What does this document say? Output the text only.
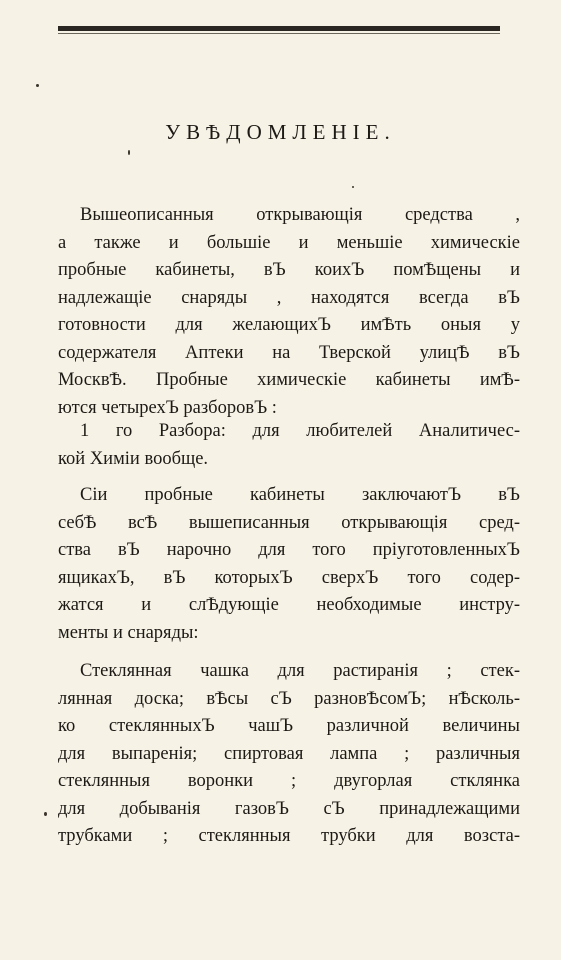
УВѢДОМЛЕНІЕ.
Вышеописанныя открывающія средства ,
а также и большіе и меньшіе химическіе
пробные кабинеты, вЪ коихЪ помѢщены и
надлежащіе снаряды , находятся всегда вЪ
готовности для желающихЪ имѢть оныя у
содержателя Аптеки на Тверской улицѢ вЪ
МосквѢ. Пробные химическіе кабинеты имѢ-
ются четырехЪ разборовЪ :
1 го Разбора: для любителей Аналитичес-
кой Химіи вообще.
Сіи пробные кабинеты заключаютЪ вЪ
себѢ всѢ вышеписанныя открывающія сред-
ства вЪ нарочно для того пріуготовленныхЪ
ящикахЪ, вЪ которыхЪ сверхЪ того содер-
жатся и слѢдующіе необходимые инстру-
менты и снаряды:
Стеклянная чашка для растиранія ; стек-
лянная доска; вѢсы сЪ разновѢсомЪ; нѢсколь-
ко стеклянныхЪ чашЪ различной величины
для выпаренія; спиртовая лампа ; различныя
стеклянныя воронки ; двугорлая стклянка
для добыванія газовЪ сЪ принадлежащими
трубками ; стеклянныя трубки для возста-
